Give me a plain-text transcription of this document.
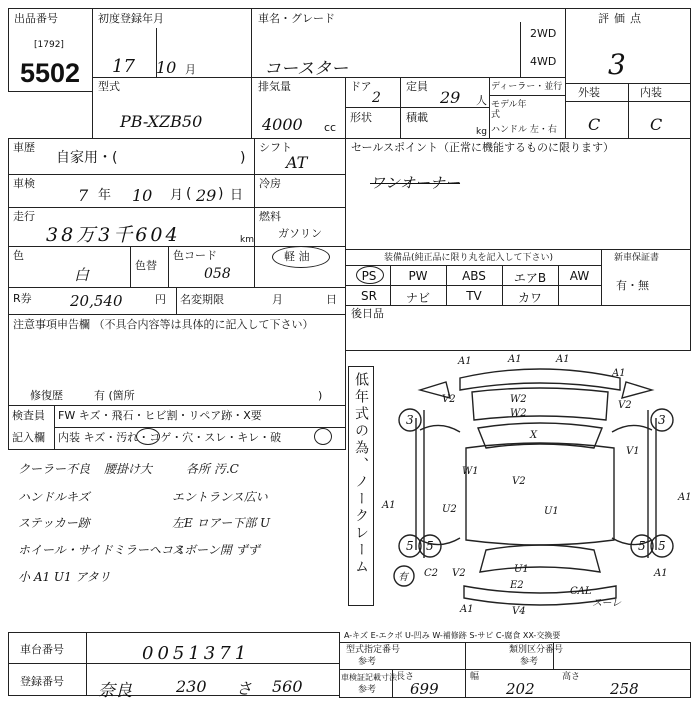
出品番号
[1792]
5502
初度登録年月
17 10 月
車名・グレード
コースター
2WD
4WD
評価点
3
型式
PB-XZB50
排気量
4000 cc
ドア
2
定員
29 人
形状	積載
kg
ディーラー・並行
モデル年式
ハンドル 左・右
外装	内装
C	C
車歴
自家用・(	)
シフト
AT
車検
7 年 10 月 ( 29 ) 日
冷房
走行
38万3千604	km
燃料
ガソリン
軽 油
色
白
色替
色コード
058
R券	20,540	円 名変期限	月	日
セールスポイント（正常に機能するものに限ります）
ワンオーナー
装備品(純正品に限り丸を記入して下さい)
PS	PW	ABS	エアB	AW
SR	ナビ	TV	カワ
新車保証書
有・無
後日品
注意事項申告欄 （不具合内容等は具体的に記入して下さい）
修復歴	有 (箇所	)
検査員
記入欄
FW キズ・飛石・ヒビ割・リペア跡・X要
内装 キズ・汚れ・コゲ・穴・スレ・キレ・破
クーラー不良
ハンドルキズ
ステッカー跡
ホイール・サイドミラーヘコミ
小 A1 U1 アタリ
腰掛け大	各所 汚.C
エントランス広い
左E ロアー下部 U
スボーン開 ずず	低年式の為、ノークレーム
A1	A1	A1
A1
V2	W2
W2
V2
X
W1
V2
V1
A1
A1
U2	U1
C2	A1
V2	U1
E2
V4
A1
スーレ
CAL
3	3
5 5	5 5
有
A-キズ E-エクボ U-凹み W-補修跡 S-サビ C-腐食 XX-交換要
車台番号	0051371
登録番号 奈良	230 さ 560
型式指定番号
参考
類別区分番号
参考
車検証記載寸法
参考
長さ
699
幅
202
高さ
258
